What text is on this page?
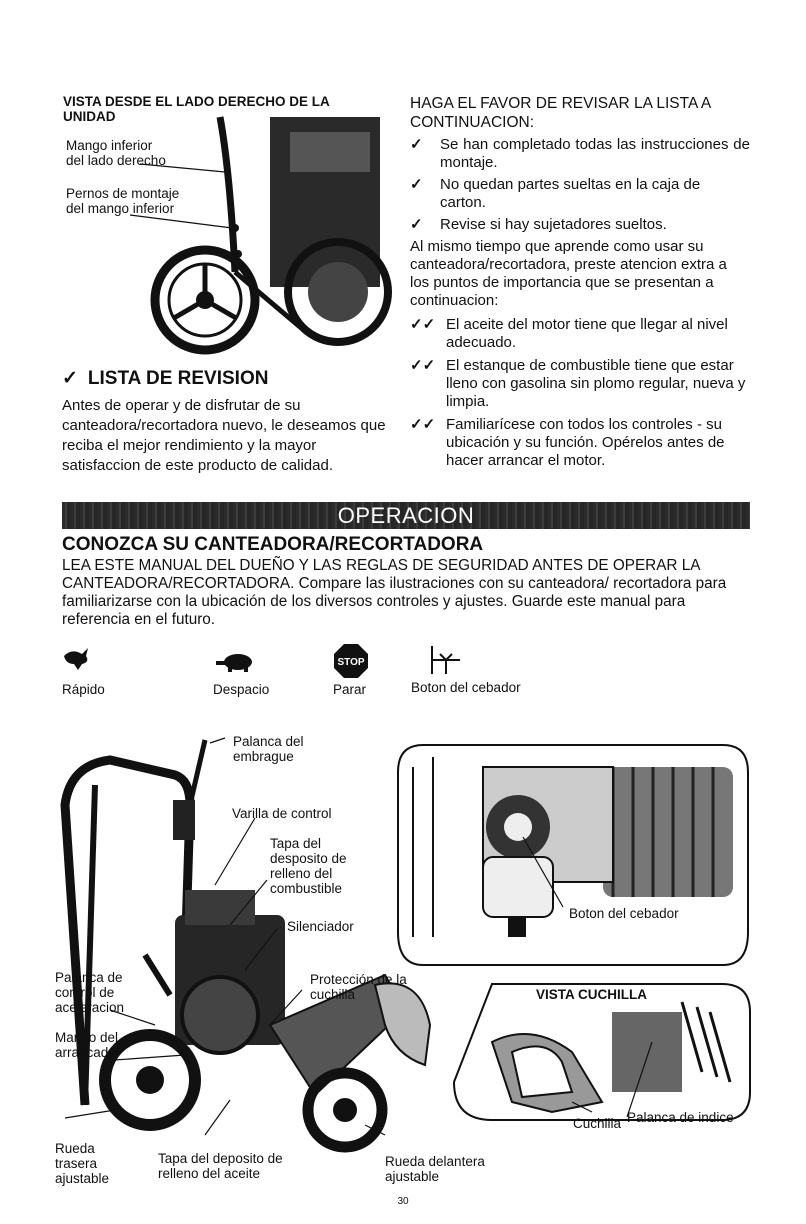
VISTA DESDE EL LADO DERECHO DE LA UNIDAD
Mango inferior del lado derecho
Pernos de montaje del mango inferior
✓ LISTA DE REVISION
Antes de operar y de disfrutar de su canteadora/recortadora nuevo, le deseamos que reciba el mejor rendimiento y la mayor satisfaccion de este producto de calidad.
HAGA EL FAVOR DE REVISAR LA LISTA A CONTINUACION:
✓	Se han completado todas las instrucciones de montaje.
✓	No quedan partes sueltas en la caja de carton.
✓	Revise si hay sujetadores sueltos.
Al mismo tiempo que aprende como usar su canteadora/recortadora, preste atencion extra a los puntos de importancia que se presentan a continuacion:
✓✓ El aceite del motor tiene que llegar al nivel adecuado.
✓✓ El estanque de combustible tiene que estar lleno con gasolina sin plomo regular, nueva y limpia.
✓✓ Familiarícese con todos los controles - su ubicación y su función. Opérelos antes de hacer arrancar el motor.
OPERACION
CONOZCA SU CANTEADORA/RECORTADORA
LEA ESTE MANUAL DEL DUEÑO Y LAS REGLAS DE SEGURIDAD ANTES DE OPERAR LA CANTEADORA/RECORTADORA. Compare las ilustraciones con su canteadora/ recortadora para familiarizarse con la ubicación de los diversos controles y ajustes. Guarde este manual para referencia en el futuro.
Rápido	Despacio
STOP
Parar	Boton del cebador
Palanca del embrague
Varilla de control
Tapa del desposito de relleno del combustible
Silenciador
Palanca de control de aceleracion
Mango del arrancador
Protección de la cuchilla
Rueda trasera ajustable
Tapa del deposito de relleno del aceite
Rueda delantera ajustable
Boton del cebador
VISTA CUCHILLA
Cuchilla Palanca de indice
30
